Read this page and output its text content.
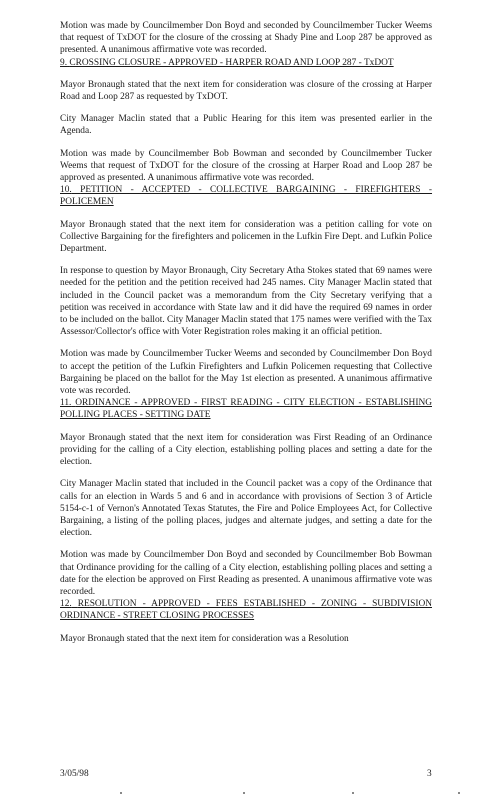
Motion was made by Councilmember Don Boyd and seconded by Councilmember Tucker Weems that request of TxDOT for the closure of the crossing at Shady Pine and Loop 287 be approved as presented. A unanimous affirmative vote was recorded.

9. CROSSING CLOSURE - APPROVED - HARPER ROAD AND LOOP 287 - TxDOT

Mayor Bronaugh stated that the next item for consideration was closure of the crossing at Harper Road and Loop 287 as requested by TxDOT.

City Manager Maclin stated that a Public Hearing for this item was presented earlier in the Agenda.

Motion was made by Councilmember Bob Bowman and seconded by Councilmember Tucker Weems that request of TxDOT for the closure of the crossing at Harper Road and Loop 287 be approved as presented. A unanimous affirmative vote was recorded.

10. PETITION - ACCEPTED - COLLECTIVE BARGAINING - FIREFIGHTERS - POLICEMEN

Mayor Bronaugh stated that the next item for consideration was a petition calling for vote on Collective Bargaining for the firefighters and policemen in the Lufkin Fire Dept. and Lufkin Police Department.

In response to question by Mayor Bronaugh, City Secretary Atha Stokes stated that 69 names were needed for the petition and the petition received had 245 names. City Manager Maclin stated that included in the Council packet was a memorandum from the City Secretary verifying that a petition was received in accordance with State law and it did have the required 69 names in order to be included on the ballot. City Manager Maclin stated that 175 names were verified with the Tax Assessor/Collector's office with Voter Registration roles making it an official petition.

Motion was made by Councilmember Tucker Weems and seconded by Councilmember Don Boyd to accept the petition of the Lufkin Firefighters and Lufkin Policemen requesting that Collective Bargaining be placed on the ballot for the May 1st election as presented. A unanimous affirmative vote was recorded.

11. ORDINANCE - APPROVED - FIRST READING - CITY ELECTION - ESTABLISHING POLLING PLACES - SETTING DATE

Mayor Bronaugh stated that the next item for consideration was First Reading of an Ordinance providing for the calling of a City election, establishing polling places and setting a date for the election.

City Manager Maclin stated that included in the Council packet was a copy of the Ordinance that calls for an election in Wards 5 and 6 and in accordance with provisions of Section 3 of Article 5154-c-1 of Vernon's Annotated Texas Statutes, the Fire and Police Employees Act, for Collective Bargaining, a listing of the polling places, judges and alternate judges, and setting a date for the election.

Motion was made by Councilmember Don Boyd and seconded by Councilmember Bob Bowman that Ordinance providing for the calling of a City election, establishing polling places and setting a date for the election be approved on First Reading as presented. A unanimous affirmative vote was recorded.

12. RESOLUTION - APPROVED - FEES ESTABLISHED - ZONING - SUBDIVISION ORDINANCE - STREET CLOSING PROCESSES

Mayor Bronaugh stated that the next item for consideration was a Resolution

3/05/98	3
